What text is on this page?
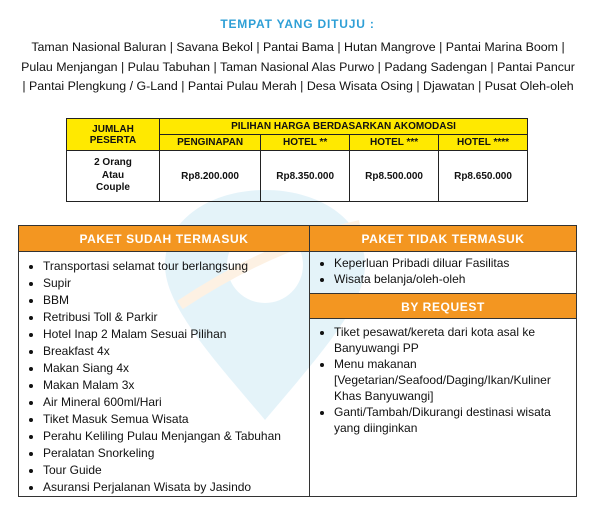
TEMPAT YANG DITUJU :
Taman Nasional Baluran | Savana Bekol | Pantai Bama | Hutan Mangrove | Pantai Marina Boom |
Pulau Menjangan | Pulau Tabuhan | Taman Nasional Alas Purwo | Padang Sadengan | Pantai Pancur
| Pantai Plengkung / G-Land | Pantai Pulau Merah | Desa Wisata Osing | Djawatan | Pusat Oleh-oleh
JUMLAH
PESERTA	PILIHAN HARGA BERDASARKAN AKOMODASI			
	PENGINAPAN	HOTEL **	HOTEL ***	HOTEL ****

2 Orang
Atau
Couple	Rp8.200.000	Rp8.350.000	Rp8.500.000	Rp8.650.000
PAKET SUDAH TERMASUK
• Transportasi selamat tour berlangsung
• Supir
• BBM
• Retribusi Toll & Parkir
• Hotel Inap 2 Malam Sesuai Pilihan
• Breakfast 4x
• Makan Siang 4x
• Makan Malam 3x
• Air Mineral 600ml/Hari
• Tiket Masuk Semua Wisata
• Perahu Keliling Pulau Menjangan & Tabuhan
• Peralatan Snorkeling
• Tour Guide
• Asuransi Perjalanan Wisata by Jasindo
PAKET TIDAK TERMASUK
• Keperluan Pribadi diluar Fasilitas
• Wisata belanja/oleh-oleh
BY REQUEST
• Tiket pesawat/kereta dari kota asal ke
Banyuwangi PP
• Menu makanan
[Vegetarian/Seafood/Daging/Ikan/Kuliner
Khas Banyuwangi]
• Ganti/Tambah/Dikurangi destinasi wisata
yang diinginkan
